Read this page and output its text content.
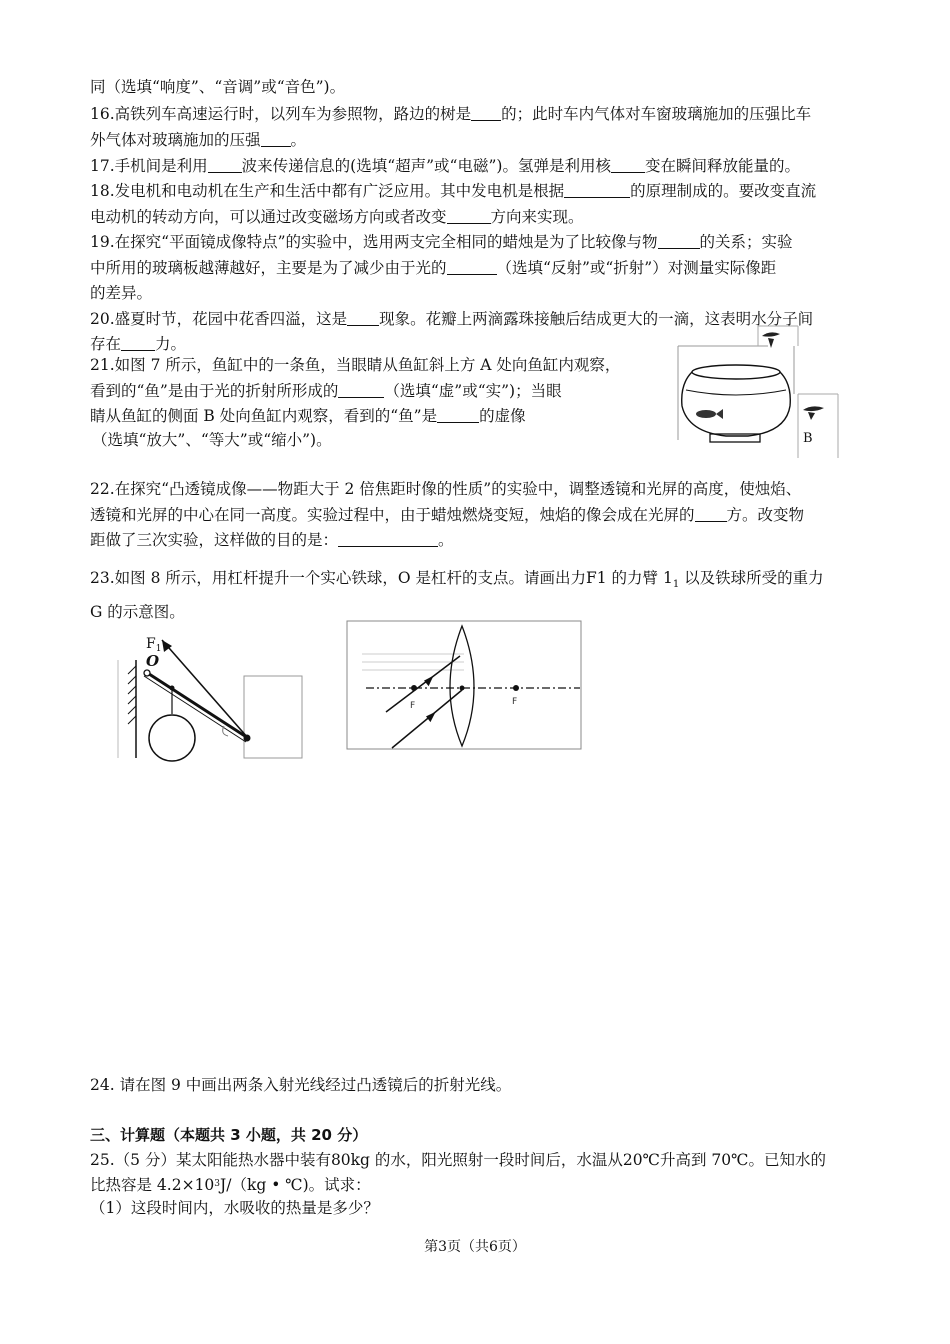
同（选填“响度”、“音调”或“音色”)。
16.高铁列车高速运行时，以列车为参照物，路边的树是 的；此时车内气体对车窗玻璃施加的压强比车
外气体对玻璃施加的压强 。
17.手机间是利用 波来传递信息的(选填“超声”或“电磁”)。氢弹是利用核 变在瞬间释放能量的。
18.发电机和电动机在生产和生活中都有广泛应用。其中发电机是根据	的原理制成的。要改变直流
电动机的转动方向，可以通过改变磁场方向或者改变	方向来实现。
19.在探究“平面镜成像特点”的实验中，选用两支完全相同的蜡烛是为了比较像与物	的关系；实验
中所用的玻璃板越薄越好，主要是为了减少由于光的	（选填“反射”或“折射”）对测量实际像距
的差异。
20.盛夏时节，花园中花香四溢，这是 现象。花瓣上两滴露珠接触后结成更大的一滴，这表明水分子间
存在 力。
21.如图 7 所示，鱼缸中的一条鱼，当眼睛从鱼缸斜上方 A 处向鱼缸内观察，
看到的“鱼”是由于光的折射所形成的	（选填“虚”或“实”)；当眼
睛从鱼缸的侧面 B 处向鱼缸内观察，看到的“鱼”是	的虚像
（选填“放大”、“等大”或“缩小”)。	B
22.在探究“凸透镜成像——物距大于 2 倍焦距时像的性质”的实验中，调整透镜和光屏的高度，使烛焰、
透镜和光屏的中心在同一高度。实验过程中，由于蜡烛燃烧变短，烛焰的像会成在光屏的 方。改变物
距做了三次实验，这样做的目的是：	。
23.如图 8 所示，用杠杆提升一个实心铁球，O 是杠杆的支点。请画出力F1 的力臂 $1_1$ 以及铁球所受的重力
G 的示意图。
$F_1$
O
F	F
24. 请在图 9 中画出两条入射光线经过凸透镜后的折射光线。
三、计算题（本题共 3 小题，共 20 分）
25.（5 分）某太阳能热水器中装有80kg 的水，阳光照射一段时间后，水温从20℃升高到 70℃。已知水的
比热容是 $4.2\times 10^3J/(kg$ • ℃)。试求：
（1）这段时间内，水吸收的热量是多少？
第3页（共6页）
